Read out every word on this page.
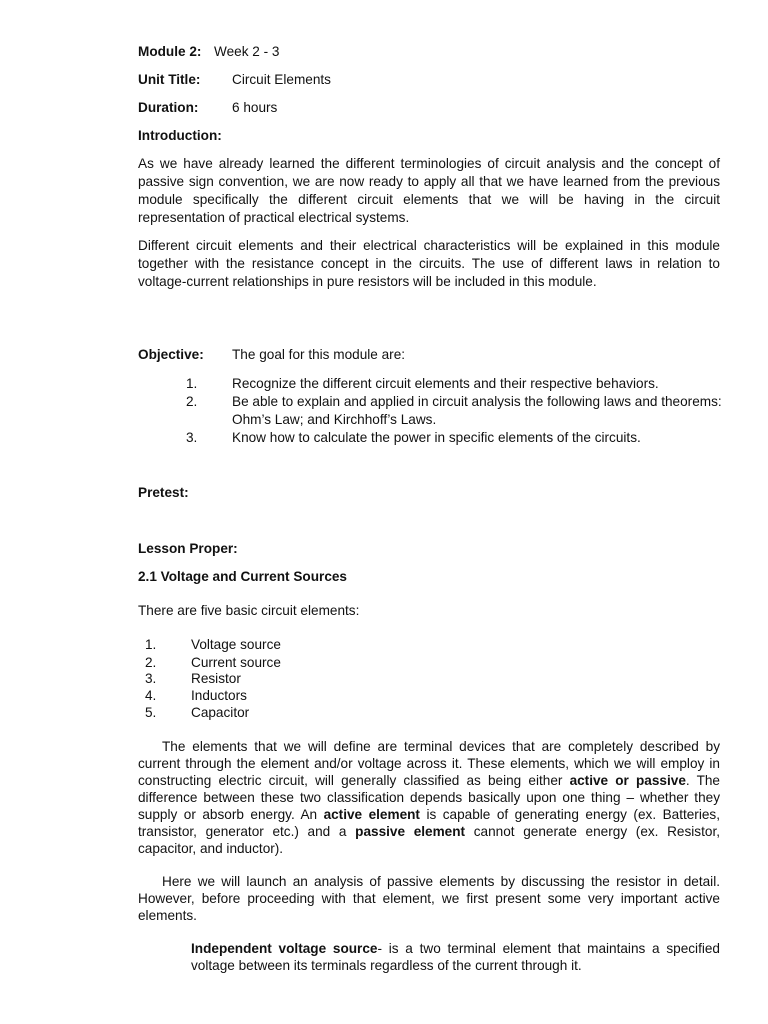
Module 2: Week 2 - 3
Unit Title: Circuit Elements
Duration: 6 hours
Introduction:

As we have already learned the different terminologies of circuit analysis and the concept of passive sign convention, we are now ready to apply all that we have learned from the previous module specifically the different circuit elements that we will be having in the circuit representation of practical electrical systems.

Different circuit elements and their electrical characteristics will be explained in this module together with the resistance concept in the circuits. The use of different laws in relation to voltage-current relationships in pure resistors will be included in this module.

Objective: The goal for this module are:
1.	Recognize the different circuit elements and their respective behaviors.
2.	Be able to explain and applied in circuit analysis the following laws and theorems: Ohm’s Law; and Kirchhoff’s Laws.
3.	Know how to calculate the power in specific elements of the circuits.
Pretest:
Lesson Proper:
2.1 Voltage and Current Sources
There are five basic circuit elements:
1.	Voltage source
2.	Current source
3.	Resistor
4.	Inductors
5.	Capacitor

The elements that we will define are terminal devices that are completely described by current through the element and/or voltage across it. These elements, which we will employ in constructing electric circuit, will generally classified as being either active or passive. The difference between these two classification depends basically upon one thing – whether they supply or absorb energy. An active element is capable of generating energy (ex. Batteries, transistor, generator etc.) and a passive element cannot generate energy (ex. Resistor, capacitor, and inductor).

Here we will launch an analysis of passive elements by discussing the resistor in detail. However, before proceeding with that element, we first present some very important active elements.

Independent voltage source- is a two terminal element that maintains a specified voltage between its terminals regardless of the current through it.
